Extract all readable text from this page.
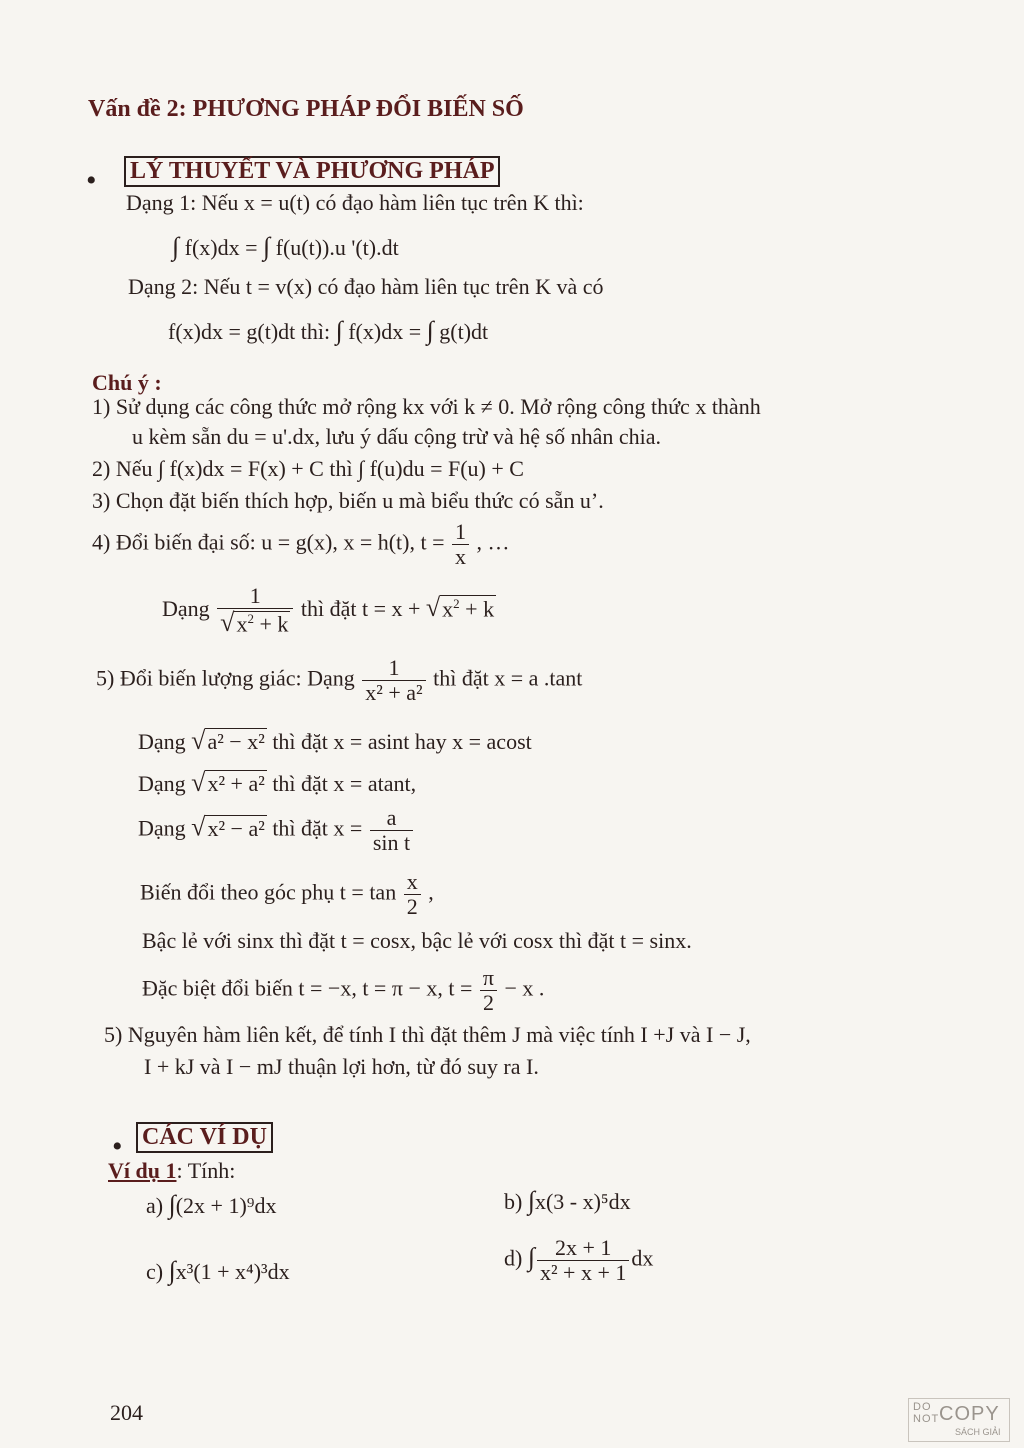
Vấn đề 2: PHƯƠNG PHÁP ĐỔI BIẾN SỐ
• LÝ THUYẾT VÀ PHƯƠNG PHÁP
Dạng 1: Nếu x = u(t) có đạo hàm liên tục trên K thì:
∫ f(x)dx = ∫ f(u(t)).u '(t).dt
Dạng 2: Nếu t = v(x) có đạo hàm liên tục trên K và có
f(x)dx = g(t)dt thì: ∫ f(x)dx = ∫ g(t)dt
Chú ý :
1) Sử dụng các công thức mở rộng kx với k ≠ 0. Mở rộng công thức x thành
u kèm sẵn du = u'.dx, lưu ý dấu cộng trừ và hệ số nhân chia.
2) Nếu ∫ f(x)dx = F(x) + C thì ∫ f(u)du = F(u) + C
3) Chọn đặt biến thích hợp, biến u mà biểu thức có sẵn u’.
4) Đổi biến đại số: u = g(x), x = h(t), $t = \frac{1}{x}$ , …
Dạng $\frac{1}{√x^2 + k}$ thì đặt $t = x + √x^2 + k$
5) Đổi biến lượng giác: Dạng $\frac{1}{\text{x² + a²}}$ thì đặt x = a .tant
Dạng √a² − x² thì đặt x = asint hay x = acost
Dạng √x² + a² thì đặt x = atant,
Dạng √x² − a² thì đặt $x = \frac{a}{\text{sin t}}$
Biến đổi theo góc phụ $t = \tan \frac{x}{2}$ ,
Bậc lẻ với sinx thì đặt t = cosx, bậc lẻ với cosx thì đặt t = sinx.
Đặc biệt đổi biến t = −x, t = π − x, $t = \frac{\pi}{2} - x$ .
5) Nguyên hàm liên kết, để tính I thì đặt thêm J mà việc tính I +J và I − J,
I + kJ và I − mJ thuận lợi hơn, từ đó suy ra I.
• CÁC VÍ DỤ
Ví dụ 1: Tính:
a) ∫(2x + 1)⁹dx	b) ∫x(3 - x)⁵dx
c) ∫x³(1 + x⁴)³dx
d) ∫ $\frac{2x + 1}{\text{x² + x + 1}}$ dx
204	DO
NOT COPY
SÁCH GIẢI
